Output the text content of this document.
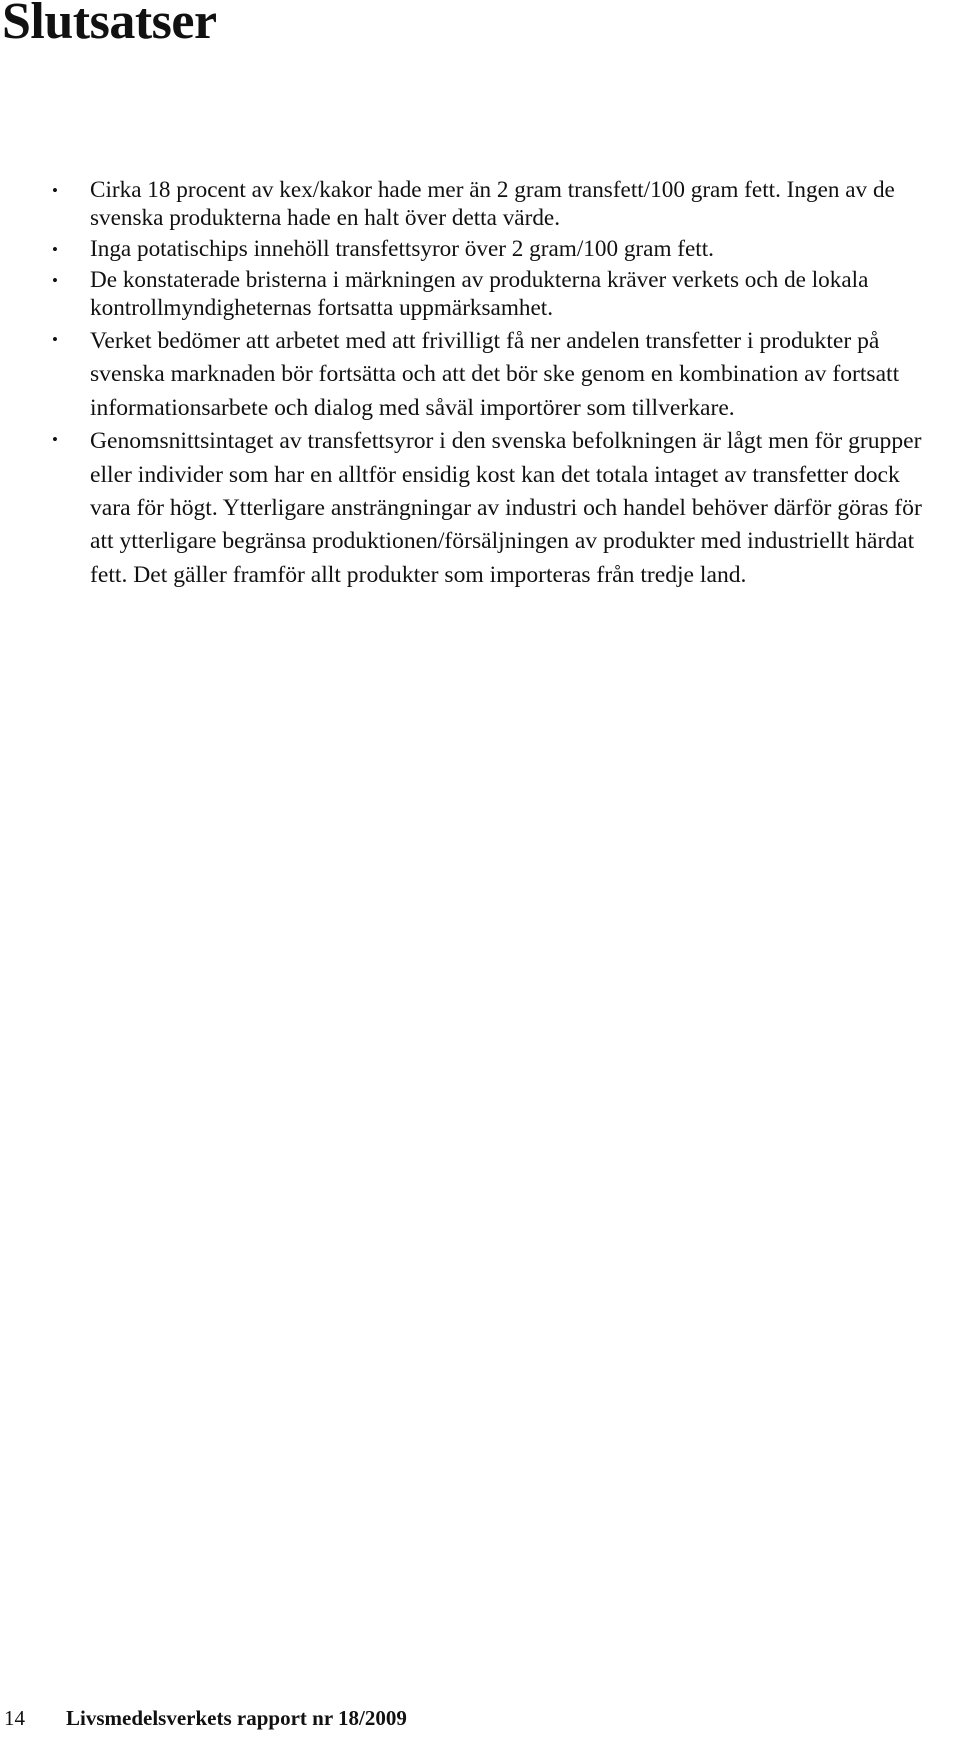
Slutsatser
•	Cirka 18 procent av kex/kakor hade mer än 2 gram transfett/100 gram fett. Ingen av de svenska produkterna hade en halt över detta värde.
•	Inga potatischips innehöll transfettsyror över 2 gram/100 gram fett.
•	De konstaterade bristerna i märkningen av produkterna kräver verkets och de lokala kontrollmyndigheternas fortsatta uppmärksamhet.
• Verket bedömer att arbetet med att frivilligt få ner andelen transfetter i produkter på svenska marknaden bör fortsätta och att det bör ske genom en kombination av fortsatt informationsarbete och dialog med såväl importörer som tillverkare.
• Genomsnittsintaget av transfettsyror i den svenska befolkningen är lågt men för grupper eller individer som har en alltför ensidig kost kan det totala intaget av transfetter dock vara för högt. Ytterligare ansträngningar av industri och handel behöver därför göras för att ytterligare begränsa produktionen/försäljningen av produkter med industriellt härdat fett. Det gäller framför allt produkter som importeras från tredje land.
14 Livsmedelsverkets rapport nr 18/2009
